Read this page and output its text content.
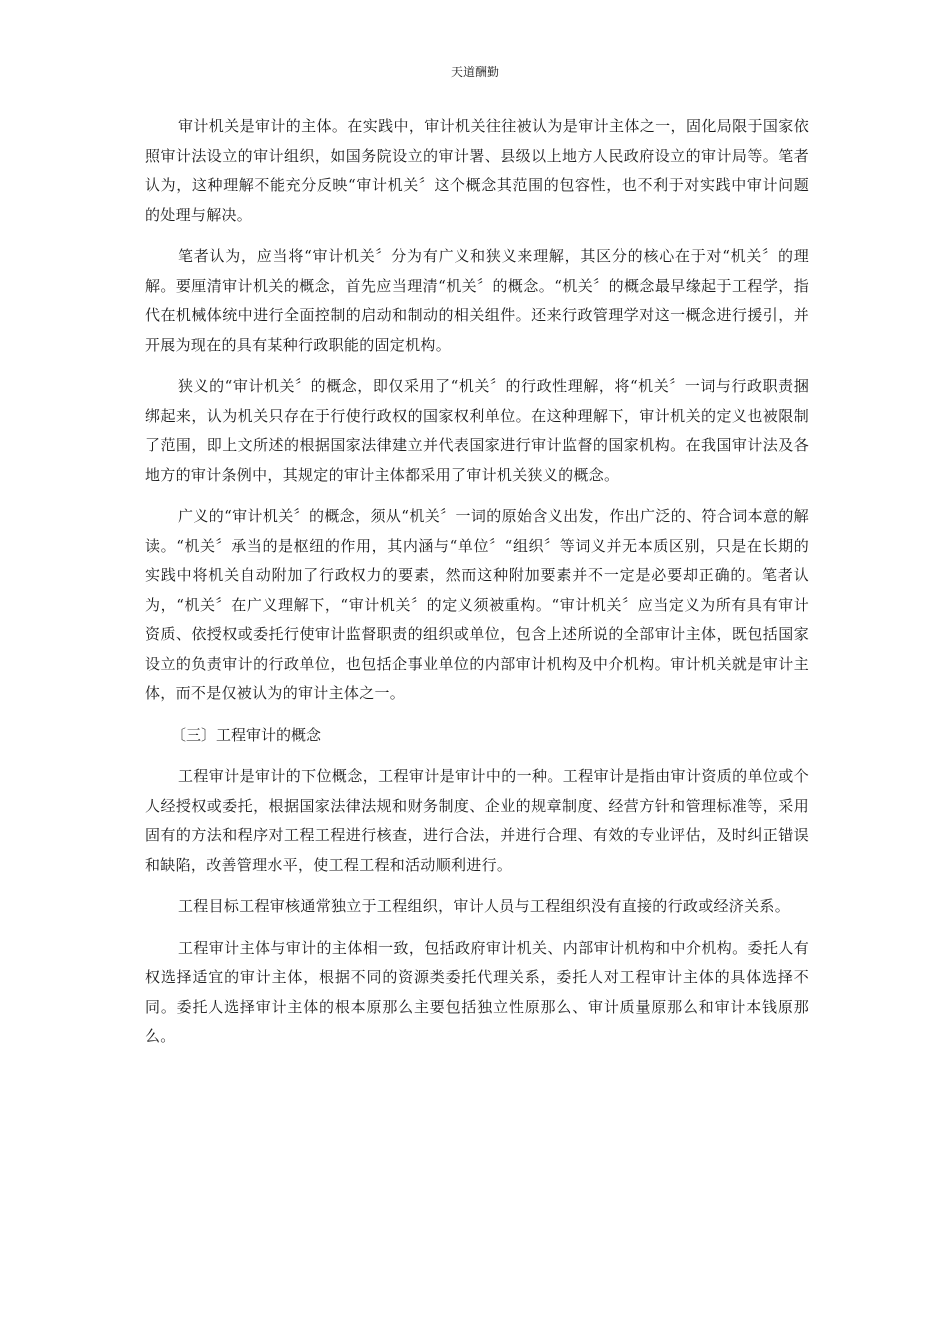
天道酬勤

审计机关是审计的主体。在实践中，审计机关往往被认为是审计主体之一，固化局限于国家依照审计法设立的审计组织，如国务院设立的审计署、县级以上地方人民政府设立的审计局等。笔者认为，这种理解不能充分反映“审计机关〞这个概念其范围的包容性，也不利于对实践中审计问题的处理与解决。

笔者认为，应当将“审计机关〞分为有广义和狭义来理解，其区分的核心在于对“机关〞的理解。要厘清审计机关的概念，首先应当理清“机关〞的概念。“机关〞的概念最早缘起于工程学，指代在机械体统中进行全面控制的启动和制动的相关组件。还来行政管理学对这一概念进行援引，并开展为现在的具有某种行政职能的固定机构。

狭义的“审计机关〞的概念，即仅采用了“机关〞的行政性理解，将“机关〞一词与行政职责捆绑起来，认为机关只存在于行使行政权的国家权利单位。在这种理解下，审计机关的定义也被限制了范围，即上文所述的根据国家法律建立并代表国家进行审计监督的国家机构。在我国审计法及各地方的审计条例中，其规定的审计主体都采用了审计机关狭义的概念。

广义的“审计机关〞的概念，须从“机关〞一词的原始含义出发，作出广泛的、符合词本意的解读。“机关〞承当的是枢纽的作用，其内涵与“单位〞“组织〞等词义并无本质区别，只是在长期的实践中将机关自动附加了行政权力的要素，然而这种附加要素并不一定是必要却正确的。笔者认为，“机关〞在广义理解下，“审计机关〞的定义须被重构。“审计机关〞应当定义为所有具有审计资质、依授权或委托行使审计监督职责的组织或单位，包含上述所说的全部审计主体，既包括国家设立的负责审计的行政单位，也包括企事业单位的内部审计机构及中介机构。审计机关就是审计主体，而不是仅被认为的审计主体之一。

〔三〕工程审计的概念

工程审计是审计的下位概念，工程审计是审计中的一种。工程审计是指由审计资质的单位或个人经授权或委托，根据国家法律法规和财务制度、企业的规章制度、经营方针和管理标准等，采用固有的方法和程序对工程工程进行核查，进行合法，并进行合理、有效的专业评估，及时纠正错误和缺陷，改善管理水平，使工程工程和活动顺利进行。

工程目标工程审核通常独立于工程组织，审计人员与工程组织没有直接的行政或经济关系。

工程审计主体与审计的主体相一致，包括政府审计机关、内部审计机构和中介机构。委托人有权选择适宜的审计主体，根据不同的资源类委托代理关系，委托人对工程审计主体的具体选择不同。委托人选择审计主体的根本原那么主要包括独立性原那么、审计质量原那么和审计本钱原那么。
